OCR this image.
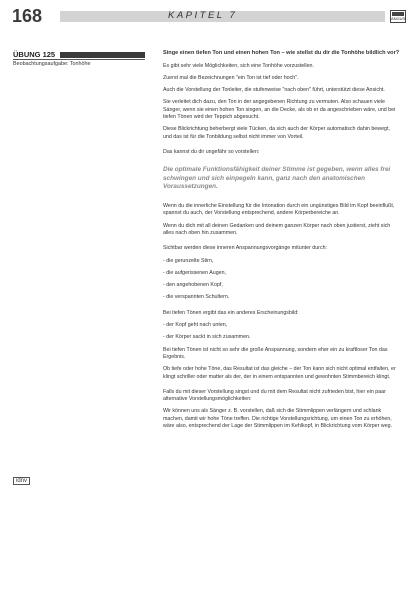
168	KAPITEL 7	ANGUS
ÜBUNG 125
Beobachtungsaufgabe: Tonhöhe

Singe einen tiefen Ton und einen hohen Ton – wie stellst du dir die Tonhöhe bildlich vor?

Es gibt sehr viele Möglichkeiten, sich eine Tonhöhe vorzustellen.

Zuerst mal die Bezeichnungen "ein Ton ist tief oder hoch".

Auch die Vorstellung der Tonleiter, die stufenweise "nach oben" führt, unterstützt diese Ansicht.

Sie verleitet dich dazu, den Ton in der angegebenen Richtung zu vermuten. Also schauen viele Sänger, wenn sie einen hohen Ton singen, an die Decke, als ob er da angeschrieben wäre, und bei tiefen Tönen wird der Teppich abgesucht.

Diese Blickrichtung beherbergt viele Tücken, da sich auch der Körper automatisch dahin bewegt, und das ist für die Tonbildung selbst nicht immer von Vorteil.

Das kannst du dir ungefähr so vorstellen:

Die optimale Funktionsfähigkeit deiner Stimme ist gegeben, wenn alles frei schwingen und sich einpegeln kann, ganz nach den anatomischen Voraussetzungen.

Wenn du die innerliche Einstellung für die Intonation durch ein ungünstiges Bild im Kopf beeinflußt, spannst du auch, der Vorstellung entsprechend, andere Körperbereiche an.

Wenn du dich mit all deinen Gedanken und deinem ganzen Körper nach oben justierst, zieht sich alles nach oben hin zusammen.

Sichtbar werden diese inneren Anspannungsvorgänge mitunter durch:

- die gerunzelte Stirn,

- die aufgerissenen Augen,

- den angehobenen Kopf,

- die verspannten Schultern.

Bei tiefen Tönen ergibt das ein anderes Erscheinungsbild:

- der Kopf geht nach unten,

- der Körper sackt in sich zusammen.

Bei tiefen Tönen ist nicht so sehr die große Anspannung, sondern eher ein zu kraftloser Ton das Ergebnis.

Ob tiefe oder hohe Töne, das Resultat ist das gleiche – der Ton kann sich nicht optimal entfalten, er klingt schriller oder matter als der, der in einem entspannten und gewohnten Stimmbereich klingt.

Falls du mit dieser Vorstellung singst und du mit dem Resultat nicht zufrieden bist, hier ein paar alternative Vorstellungsmöglichkeiten:

Wir können uns als Sänger z. B. vorstellen, daß sich die Stimmlippen verlängern und schlank machen, damit wir hohe Töne treffen. Die richtige Vorstellungsrichtung, um einen Ton zu erhöhen, wäre also, entsprechend der Lage der Stimmlippen im Kehlkopf, in Blickrichtung vom Körper weg.

idnv
